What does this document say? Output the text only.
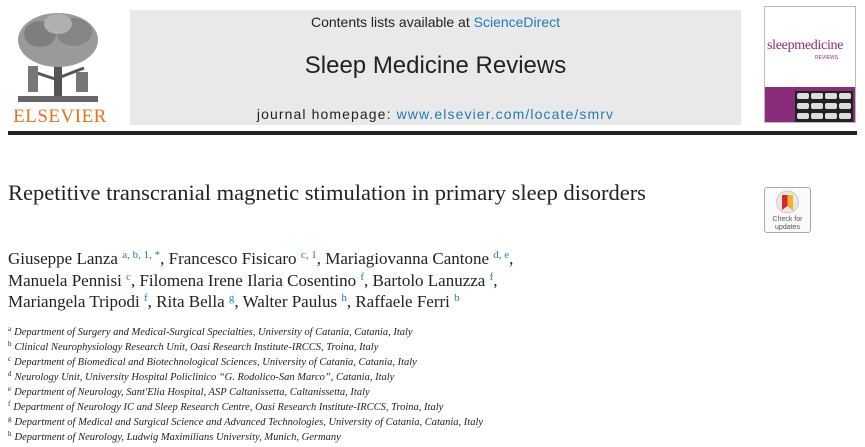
ELSEVIER
Contents lists available at ScienceDirect
Sleep Medicine Reviews
journal homepage: www.elsevier.com/locate/smrv
sleepmedicine
REVIEWS
Repetitive transcranial magnetic stimulation in primary sleep disorders
Check for updates
Giuseppe Lanza $^{a, b, 1, *}$, Francesco Fisicaro $^{c, 1}$, Mariagiovanna Cantone $^{d, e}$,
Manuela Pennisi $^c$, Filomena Irene Ilaria Cosentino $^f$, Bartolo Lanuzza $^f$,
Mariangela Tripodi $^f$, Rita Bella $^g$, Walter Paulus $^h$, Raffaele Ferri $^b$
$^a$ Department of Surgery and Medical-Surgical Specialties, University of Catania, Catania, Italy
$^b$ Clinical Neurophysiology Research Unit, Oasi Research Institute-IRCCS, Troina, Italy
$^c$ Department of Biomedical and Biotechnological Sciences, University of Catania, Catania, Italy
$^d$ Neurology Unit, University Hospital Policlinico “G. Rodolico-San Marco”, Catania, Italy
$^e$ Department of Neurology, Sant'Elia Hospital, ASP Caltanissetta, Caltanissetta, Italy
$^f$ Department of Neurology IC and Sleep Research Centre, Oasi Research Institute-IRCCS, Troina, Italy
$^g$ Department of Medical and Surgical Science and Advanced Technologies, University of Catania, Catania, Italy
$^h$ Department of Neurology, Ludwig Maximilians University, Munich, Germany
